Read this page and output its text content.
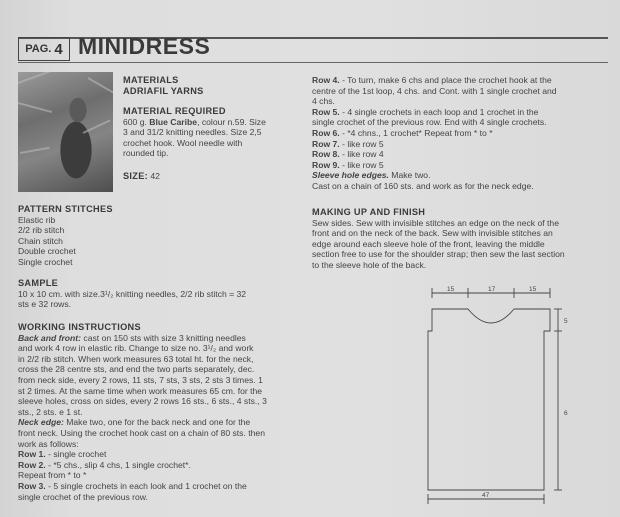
PAG. 4 MINIDRESS
MATERIALS
ADRIAFIL YARNS
MATERIAL REQUIRED
600 g. Blue Caribe, colour n.59. Size
3 and 31/2 knitting needles. Size 2,5
crochet hook. Wool needle with
rounded tip.
SIZE: 42
PATTERN STITCHES
Elastic rib
2/2 rib stitch
Chain stitch
Double crochet
Single crochet
SAMPLE
10 x 10 cm. with size.3¹/₂ knitting needles, 2/2 rib stitch = 32
sts e 32 rows.
WORKING INSTRUCTIONS
Back and front: cast on 150 sts with size 3 knitting needles
and work 4 row in elastic rib. Change to size no. 3¹/₂ and work
in 2/2 rib stitch. When work measures 63 total ht. for the neck,
cross the 28 centre sts, and end the two parts separately, dec.
from neck side, every 2 rows, 11 sts, 7 sts, 3 sts, 2 sts 3 times. 1
st 2 times. At the same time when work measures 65 cm. for the
sleeve holes, cross on sides, every 2 rows 16 sts., 6 sts., 4 sts., 3
sts., 2 sts. e 1 st.
Neck edge: Make two, one for the back neck and one for the
front neck. Using the crochet hook cast on a chain of 80 sts. then
work as follows:
Row 1. - single crochet
Row 2. - *5 chs., slip 4 chs, 1 single crochet*.
Repeat from * to *
Row 3. - 5 single crochets in each look and 1 crochet on the
single crochet of the previous row.
Row 4. - To turn, make 6 chs and place the crochet hook at the
centre of the 1st loop, 4 chs. and Cont. with 1 single crochet and
4 chs.
Row 5. - 4 single crochets in each loop and 1 crochet in the
single crochet of the previous row. End with 4 single crochets.
Row 6. - *4 chns., 1 crochet* Repeat from * to *
Row 7. - like row 5
Row 8. - like row 4
Row 9. - like row 5
Sleeve hole edges. Make two.
Cast on a chain of 160 sts. and work as for the neck edge.
MAKING UP AND FINISH
Sew sides. Sew with invisible stitches an edge on the neck of the
front and on the neck of the back. Sew with invisible stitches an
edge around each sleeve hole of the front, leaving the middle
section free to use for the shoulder strap; then sew the last section
to the sleeve hole of the back.
15	17	15
5
6
47
